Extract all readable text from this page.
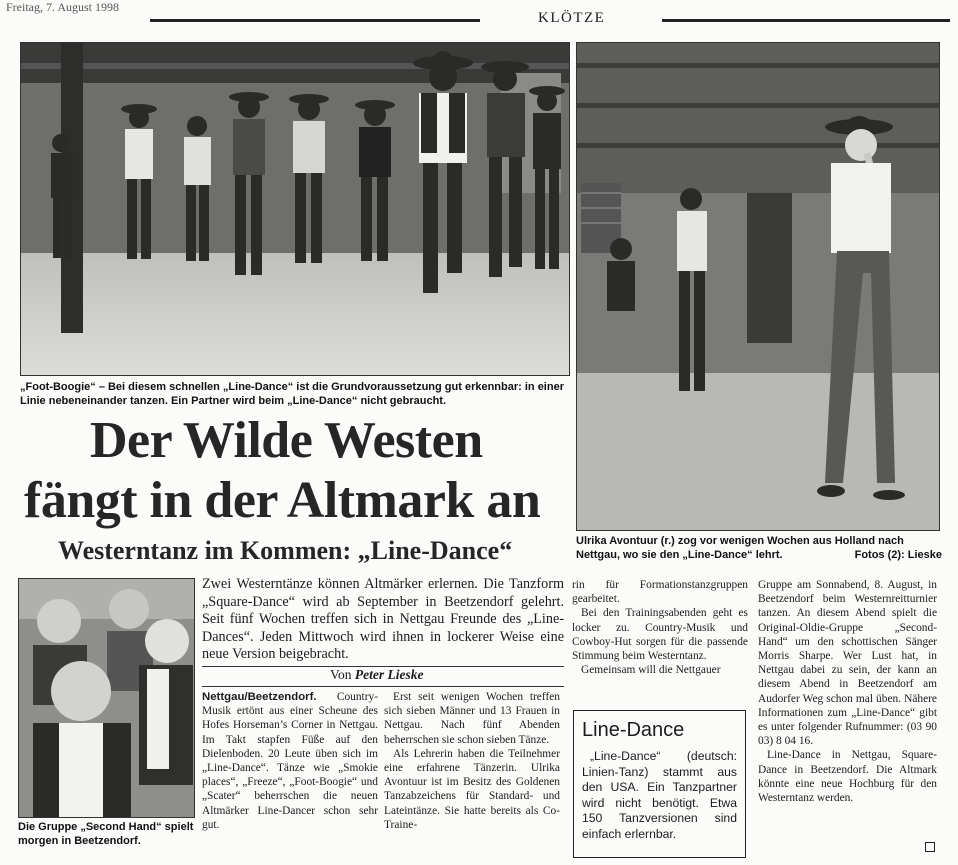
Freitag, 7. August 1998
KLÖTZE
„Foot-Boogie“ – Bei diesem schnellen „Line-Dance“ ist die Grundvoraussetzung gut erkennbar: in einer Linie nebeneinander tanzen. Ein Partner wird beim „Line-Dance“ nicht gebraucht.
Ulrika Avontuur (r.) zog vor wenigen Wochen aus Holland nach Nettgau, wo sie den „Line-Dance“ lehrt.	Fotos (2): Lieske
Der Wilde Westen
fängt in der Altmark an
Westerntanz im Kommen: „Line-Dance“
Die Gruppe „Second Hand“ spielt morgen in Beetzendorf.
Zwei Westerntänze können Altmärker erlernen. Die Tanzform „Square-Dance“ wird ab September in Beetzendorf gelehrt. Seit fünf Wochen treffen sich in Nettgau Freunde des „Line-Dances“. Jeden Mittwoch wird ihnen in lockerer Weise eine neue Version beigebracht.
Von Peter Lieske

Nettgau/Beetzendorf. Country-Musik ertönt aus einer Scheune des Hofes Horseman’s Corner in Nettgau. Im Takt stapfen Füße auf den Dielenboden. 20 Leute üben sich im „Line-Dance“. Tänze wie „Smokie places“, „Freeze“, „Foot-Boogie“ und „Scater“ beherrschen die neuen Altmärker Line-Dancer schon sehr gut.

Erst seit wenigen Wochen treffen sich sieben Männer und 13 Frauen in Nettgau. Nach fünf Abenden beherrschen sie schon sieben Tänze.

Als Lehrerin haben die Teilnehmer eine erfahrene Tänzerin. Ulrika Avontuur ist im Besitz des Goldenen Tanzabzeichens für Standard- und Lateintänze. Sie hatte bereits als Co-Traine-

rin für Formationstanzgruppen gearbeitet.

Bei den Trainingsabenden geht es locker zu. Country-Musik und Cowboy-Hut sorgen für die passende Stimmung beim Westerntanz.

Gemeinsam will die Nettgauer

Gruppe am Sonnabend, 8. August, in Beetzendorf beim Westernreitturnier tanzen. An diesem Abend spielt die Original-Oldie-Gruppe „Second-Hand“ um den schottischen Sänger Morris Sharpe. Wer Lust hat, in Nettgau dabei zu sein, der kann an diesem Abend in Beetzendorf am Audorfer Weg schon mal üben. Nähere Informationen zum „Line-Dance“ gibt es unter folgender Rufnummer: (03 90 03) 8 04 16.

Line-Dance in Nettgau, Square-Dance in Beetzendorf. Die Altmark könnte eine neue Hochburg für den Westerntanz werden.

Line-Dance
„Line-Dance“ (deutsch: Linien-Tanz) stammt aus den USA. Ein Tanzpartner wird nicht benötigt. Etwa 150 Tanzversionen sind einfach erlernbar.
